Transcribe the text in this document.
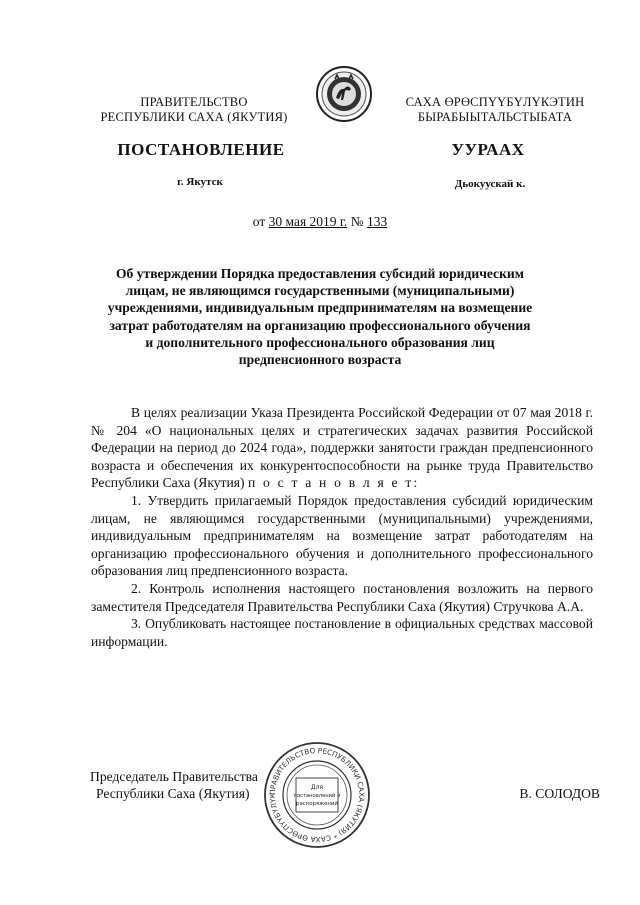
ПРАВИТЕЛЬСТВО
РЕСПУБЛИКИ САХА (ЯКУТИЯ)
САХА ӨРӨСПҮҮБҮЛҮКЭТИН
БЫРАБЫЫТАЛЬСТЫБАТА
ПОСТАНОВЛЕНИЕ	УУРААХ
г. Якутск	Дьокуускай к.
от 30 мая 2019 г. № 133
Об утверждении Порядка предоставления субсидий юридическим
лицам, не являющимся государственными (муниципальными)
учреждениями, индивидуальным предпринимателям на возмещение
затрат работодателям на организацию профессионального обучения
и дополнительного профессионального образования лиц
предпенсионного возраста

В целях реализации Указа Президента Российской Федерации от 07 мая 2018 г. № 204 «О национальных целях и стратегических задачах развития Российской Федерации на период до 2024 года», поддержки занятости граждан предпенсионного возраста и обеспечения их конкурентоспособности на рынке труда Правительство Республики Саха (Якутия) п о с т а н о в л я е т:

1. Утвердить прилагаемый Порядок предоставления субсидий юридическим лицам, не являющимся государственными (муниципальными) учреждениями, индивидуальным предпринимателям на возмещение затрат работодателям на организацию профессионального обучения и дополнительного профессионального образования лиц предпенсионного возраста.

2. Контроль исполнения настоящего постановления возложить на первого заместителя Председателя Правительства Республики Саха (Якутия) Стручкова А.А.

3. Опубликовать настоящее постановление в официальных средствах массовой информации.

Председатель Правительства
Республики Саха (Якутия)	В. СОЛОДОВ
ПРАВИТЕЛЬСТВО РЕСПУБЛИКИ САХА (ЯКУТИЯ) * САХА ӨРӨСПҮҮБҮЛҮКЭТИН БЫРАБЫЫТАЛЬСТЫБАТА *
Для
постановлений и
распоряжений
